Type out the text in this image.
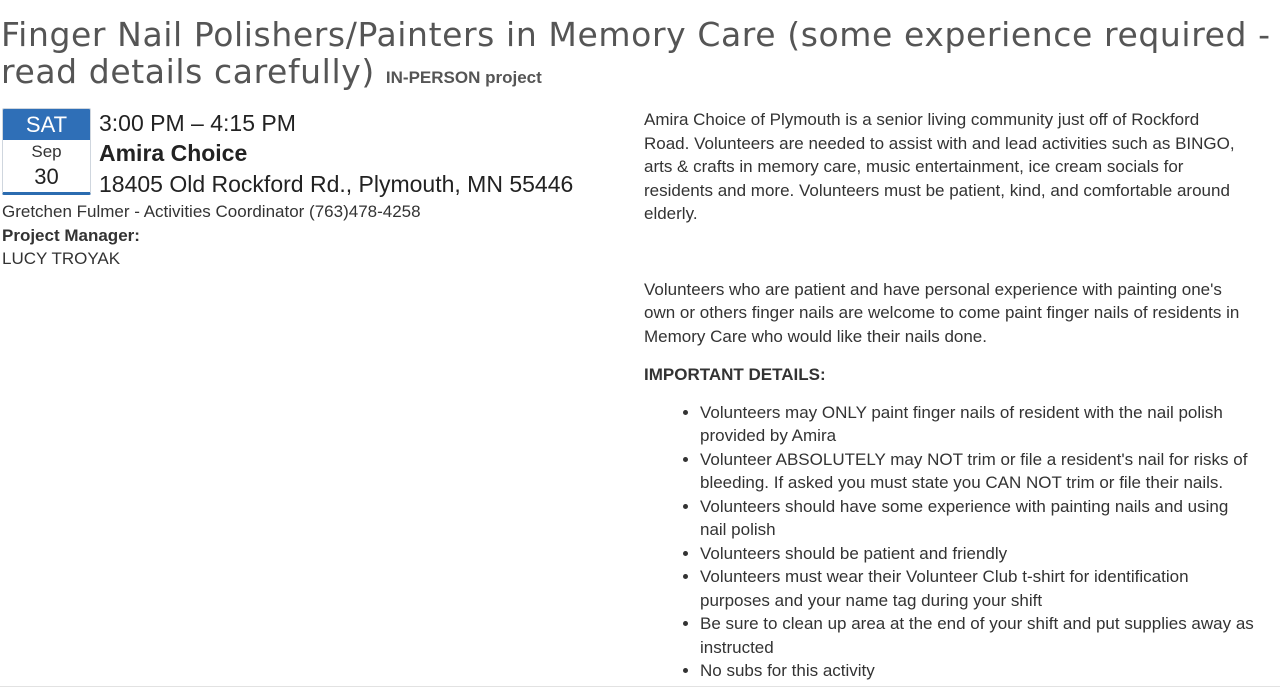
Finger Nail Polishers/Painters in Memory Care (some experience required - read details carefully) IN-PERSON project
SAT
Sep
30
3:00 PM – 4:15 PM
Amira Choice
18405 Old Rockford Rd., Plymouth, MN 55446
Gretchen Fulmer - Activities Coordinator (763)478-4258
Project Manager:
LUCY TROYAK

Amira Choice of Plymouth is a senior living community just off of Rockford Road. Volunteers are needed to assist with and lead activities such as BINGO, arts & crafts in memory care, music entertainment, ice cream socials for residents and more. Volunteers must be patient, kind, and comfortable around elderly.

Volunteers who are patient and have personal experience with painting one's own or others finger nails are welcome to come paint finger nails of residents in Memory Care who would like their nails done.

IMPORTANT DETAILS:

• Volunteers may ONLY paint finger nails of resident with the nail polish provided by Amira
• Volunteer ABSOLUTELY may NOT trim or file a resident's nail for risks of bleeding. If asked you must state you CAN NOT trim or file their nails.
• Volunteers should have some experience with painting nails and using nail polish
• Volunteers should be patient and friendly
• Volunteers must wear their Volunteer Club t-shirt for identification purposes and your name tag during your shift
• Be sure to clean up area at the end of your shift and put supplies away as instructed
• No subs for this activity
